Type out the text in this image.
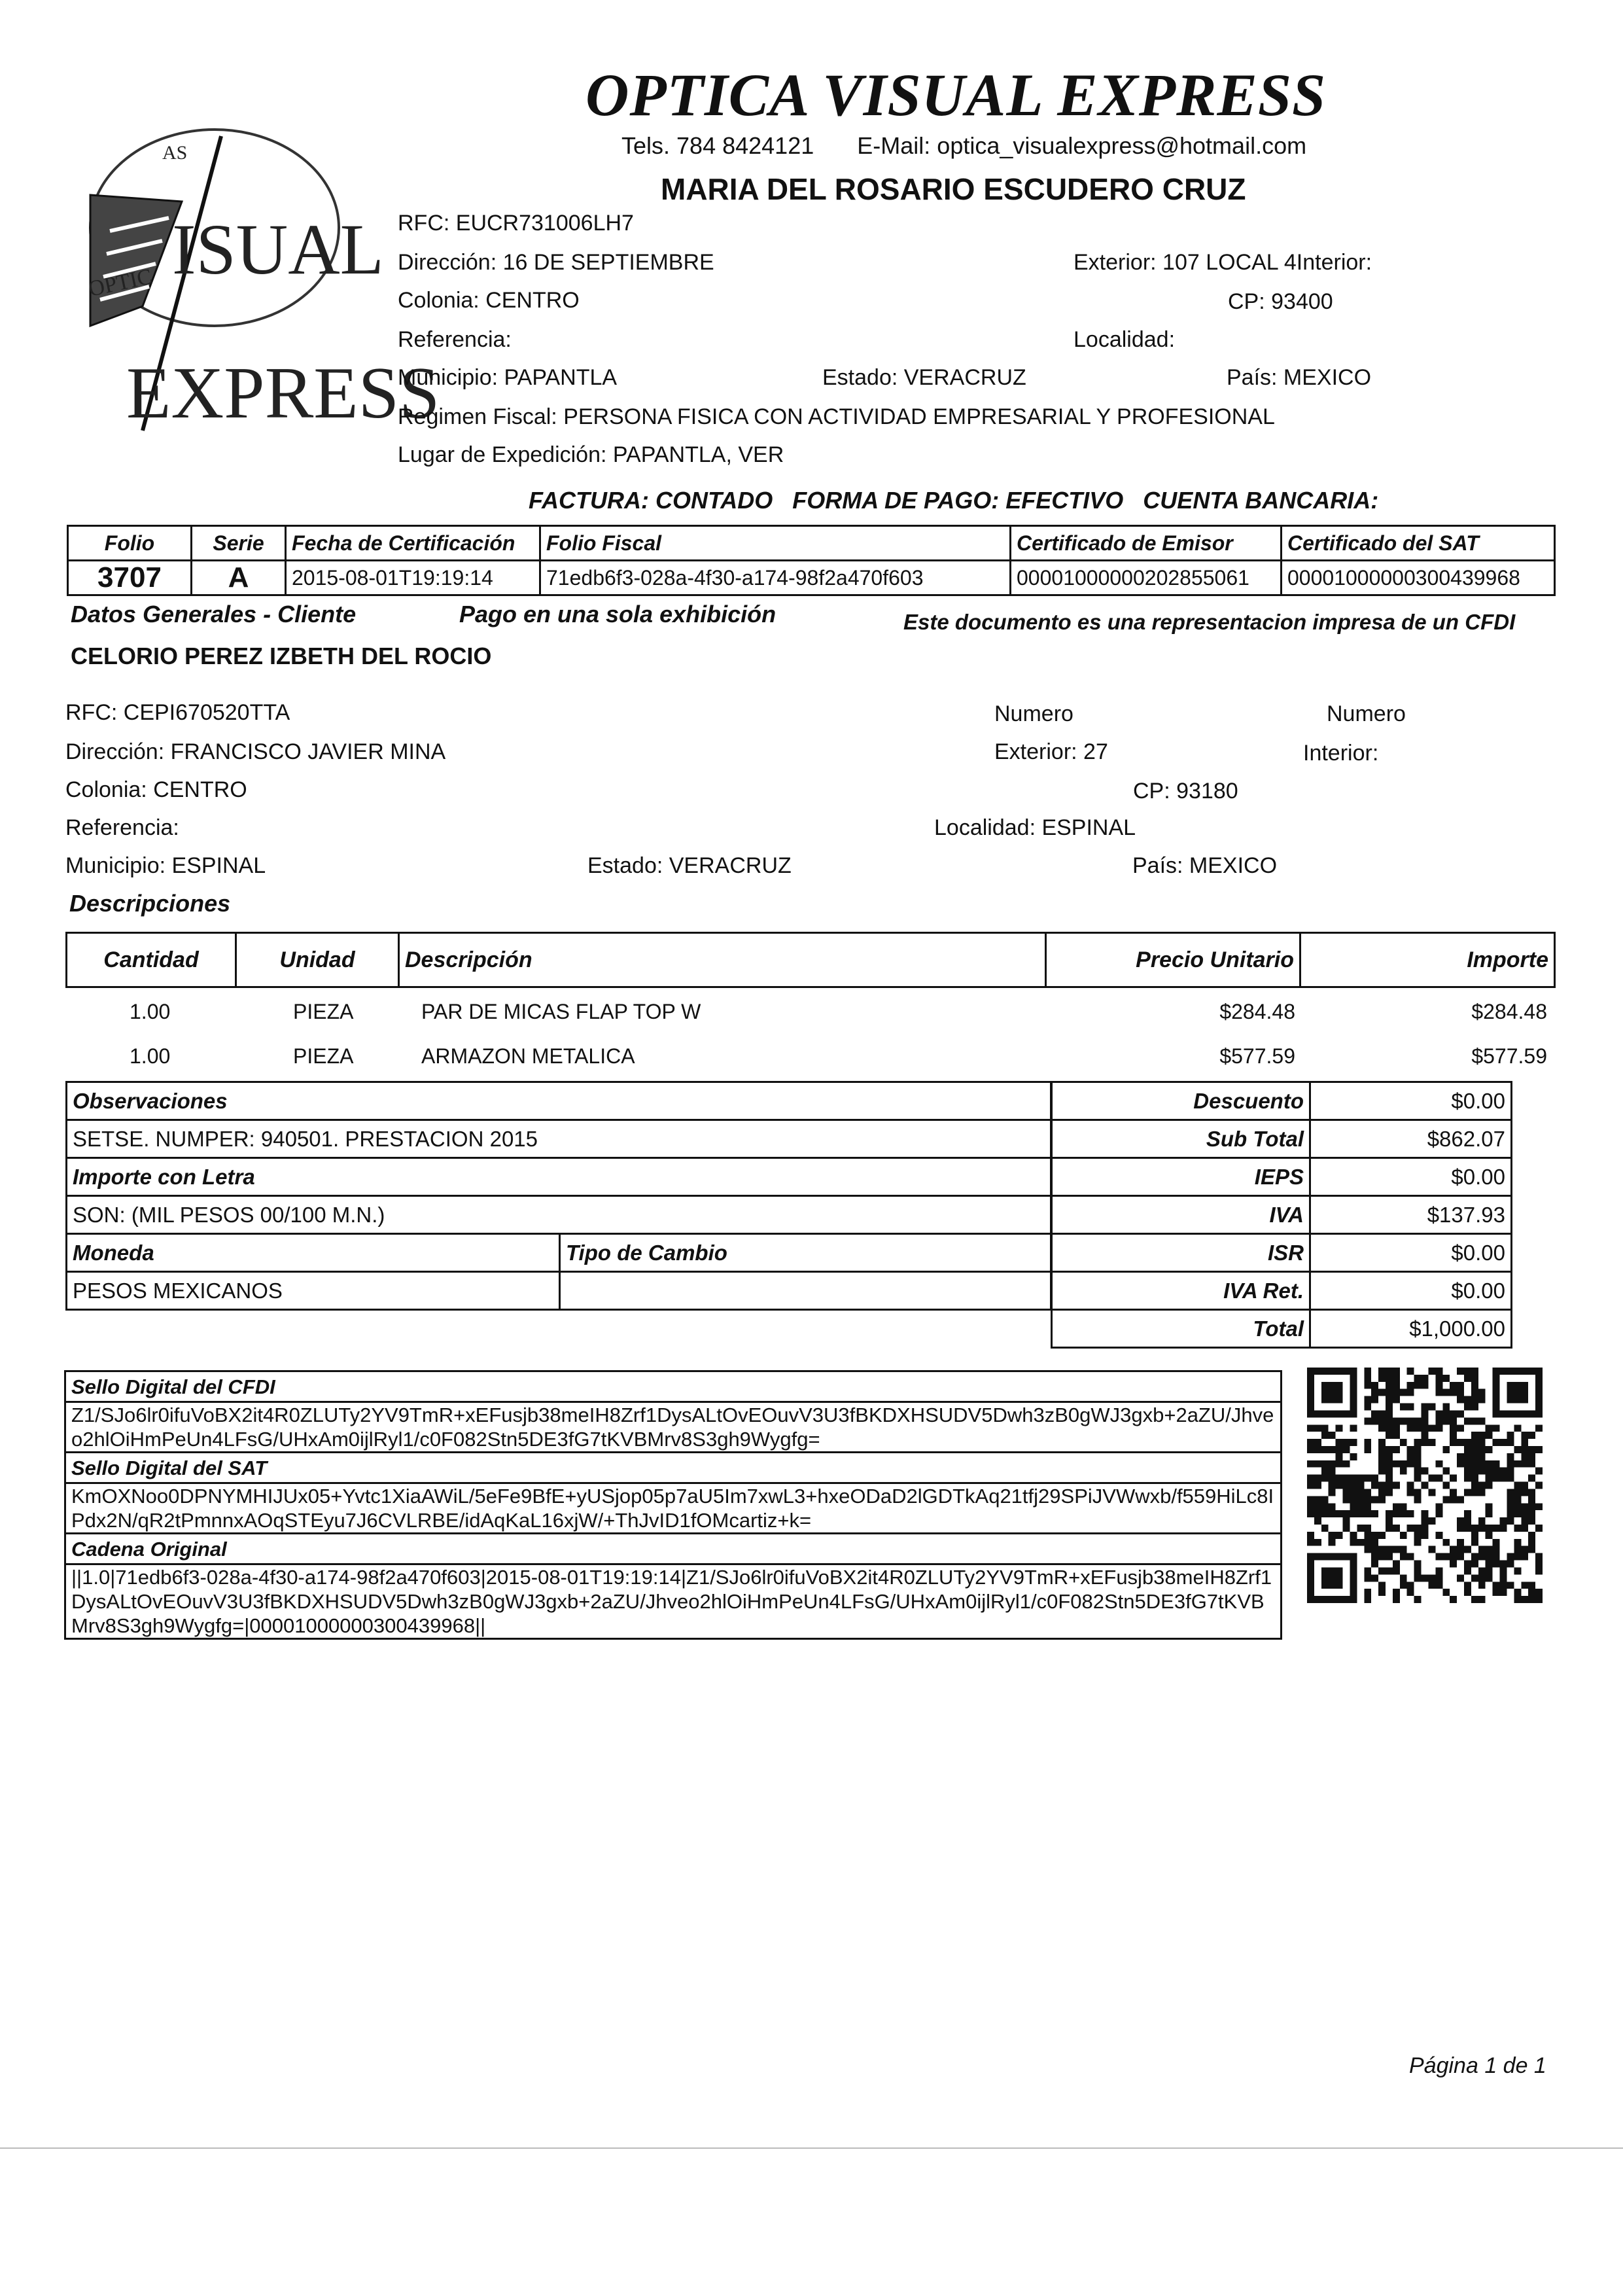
OPTICA VISUAL EXPRESS
Tels. 784 8424121 E-Mail: optica_visualexpress@hotmail.com
MARIA DEL ROSARIO ESCUDERO CRUZ
OPTIC
AS
ISUAL
EXPRESS
RFC: EUCR731006LH7
Dirección: 16 DE SEPTIEMBRE	Exterior: 107 LOCAL 4Interior:
Colonia: CENTRO	CP: 93400
Referencia:	Localidad:
Municipio: PAPANTLA	Estado: VERACRUZ	País: MEXICO
Regimen Fiscal: PERSONA FISICA CON ACTIVIDAD EMPRESARIAL Y PROFESIONAL
Lugar de Expedición: PAPANTLA, VER
FACTURA: CONTADO   FORMA DE PAGO: EFECTIVO   CUENTA BANCARIA:
Folio	Serie	Fecha de Certificación	Folio Fiscal	Certificado de Emisor	Certificado del SAT
3707	A	2015-08-01T19:19:14	71edb6f3-028a-4f30-a174-98f2a470f603	00001000000202855061	00001000000300439968
Datos Generales - Cliente	Pago en una sola exhibición	Este documento es una representacion impresa de un CFDI
CELORIO PEREZ IZBETH DEL ROCIO
RFC: CEPI670520TTA	Numero	Numero
Dirección: FRANCISCO JAVIER MINA	Exterior: 27	Interior:
Colonia: CENTRO	CP: 93180
Referencia:	Localidad: ESPINAL
Municipio: ESPINAL	Estado: VERACRUZ	País: MEXICO
Descripciones
Cantidad	Unidad	Descripción	Precio Unitario	Importe
1.00	PIEZA	PAR DE MICAS FLAP TOP W	$284.48	$284.48
1.00	PIEZA	ARMAZON METALICA	$577.59	$577.59
Observaciones	
SETSE. NUMPER: 940501. PRESTACION 2015	
Importe con Letra	
SON: (MIL PESOS 00/100 M.N.)	
Moneda	Tipo de Cambio
PESOS MEXICANOS	
Descuento	$0.00
Sub Total	$862.07
IEPS	$0.00
IVA	$137.93
ISR	$0.00
IVA Ret.	$0.00
Total	$1,000.00
Sello Digital del CFDI
Z1/SJo6lr0ifuVoBX2it4R0ZLUTy2YV9TmR+xEFusjb38meIH8Zrf1DysALtOvEOuvV3U3fBKDXHSUDV5Dwh3zB0gWJ3gxb+2aZU/Jhveo2hlOiHmPeUn4LFsG/UHxAm0ijlRyl1/c0F082Stn5DE3fG7tKVBMrv8S3gh9Wygfg=
Sello Digital del SAT
KmOXNoo0DPNYMHIJUx05+Yvtc1XiaAWiL/5eFe9BfE+yUSjop05p7aU5Im7xwL3+hxeODaD2lGDTkAq21tfj29SPiJVWwxb/f559HiLc8IPdx2N/qR2tPmnnxAOqSTEyu7J6CVLRBE/idAqKaL16xjW/+ThJvID1fOMcartiz+k=
Cadena Original
||1.0|71edb6f3-028a-4f30-a174-98f2a470f603|2015-08-01T19:19:14|Z1/SJo6lr0ifuVoBX2it4R0ZLUTy2YV9TmR+xEFusjb38meIH8Zrf1DysALtOvEOuvV3U3fBKDXHSUDV5Dwh3zB0gWJ3gxb+2aZU/Jhveo2hlOiHmPeUn4LFsG/UHxAm0ijlRyl1/c0F082Stn5DE3fG7tKVBMrv8S3gh9Wygfg=|00001000000300439968||
Página 1 de 1
